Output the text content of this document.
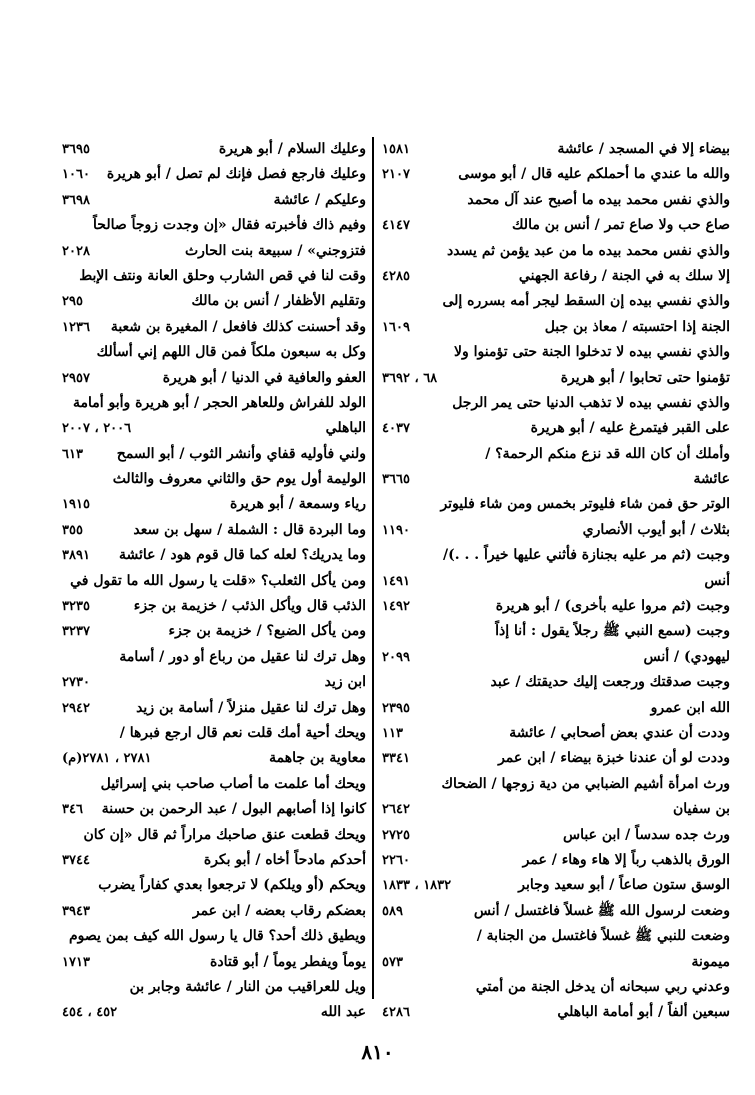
بيضاء إلا في المسجد / عائشة
١٥٨١
والله ما عندي ما أحملكم عليه قال / أبو موسى
٢١٠٧
والذي نفس محمد بيده ما أصبح عند آل محمد
صاع حب ولا صاع تمر / أنس بن مالك
٤١٤٧
والذي نفس محمد بيده ما من عبد يؤمن ثم يسدد
إلا سلك به في الجنة / رفاعة الجهني
٤٢٨٥
والذي نفسي بيده إن السقط ليجر أمه بسرره إلى
الجنة إذا احتسبته / معاذ بن جبل
١٦٠٩
والذي نفسي بيده لا تدخلوا الجنة حتى تؤمنوا ولا
تؤمنوا حتى تحابوا / أبو هريرة
٦٨ ، ٣٦٩٢
والذي نفسي بيده لا تذهب الدنيا حتى يمر الرجل
على القبر فيتمرغ عليه / أبو هريرة
٤٠٣٧
وأملك أن كان الله قد نزع منكم الرحمة؟ /
عائشة
٣٦٦٥
الوتر حق فمن شاء فليوتر بخمس ومن شاء فليوتر
بثلاث / أبو أيوب الأنصاري
١١٩٠
وجبت (ثم مر عليه بجنازة فأثني عليها خيراً . . .)/
أنس
١٤٩١
وجبت (ثم مروا عليه بأخرى) / أبو هريرة
١٤٩٢
وجبت (سمع النبي ﷺ رجلاً يقول : أنا إذاً
ليهودي) / أنس
٢٠٩٩
وجبت صدقتك ورجعت إليك حديقتك / عبد
الله ابن عمرو
٢٣٩٥
وددت أن عندي بعض أصحابي / عائشة
١١٣
وددت لو أن عندنا خبزة بيضاء / ابن عمر
٣٣٤١
ورث امرأة أشيم الضبابي من دية زوجها / الضحاك
بن سفيان
٢٦٤٢
ورث جده سدساً / ابن عباس
٢٧٢٥
الورق بالذهب رباً إلا هاء وهاء / عمر
٢٢٦٠
الوسق ستون صاعاً / أبو سعيد وجابر
١٨٣٢ ، ١٨٣٣
وضعت لرسول الله ﷺ غسلاً فاغتسل / أنس
٥٨٩
وضعت للنبي ﷺ غسلاً فاغتسل من الجنابة /
ميمونة
٥٧٣
وعدني ربي سبحانه أن يدخل الجنة من أمتي
سبعين ألفاً / أبو أمامة الباهلي
٤٢٨٦
وعليك السلام / أبو هريرة
٣٦٩٥
وعليك فارجع فصل فإنك لم تصل / أبو هريرة
١٠٦٠
وعليكم / عائشة
٣٦٩٨
وفيم ذاك فأخبرته فقال «إن وجدت زوجاً صالحاً
فتزوجني» / سبيعة بنت الحارث
٢٠٢٨
وقت لنا في قص الشارب وحلق العانة ونتف الإبط
وتقليم الأظفار / أنس بن مالك
٢٩٥
وقد أحسنت كذلك فافعل / المغيرة بن شعبة
١٢٣٦
وكل به سبعون ملكاً فمن قال اللهم إني أسألك
العفو والعافية في الدنيا / أبو هريرة
٢٩٥٧
الولد للفراش وللعاهر الحجر / أبو هريرة وأبو أمامة
الباهلي
٢٠٠٦ ، ٢٠٠٧
ولني فأوليه قفاي وأنشر الثوب / أبو السمح
٦١٣
الوليمة أول يوم حق والثاني معروف والثالث
رياء وسمعة / أبو هريرة
١٩١٥
وما البردة قال : الشملة / سهل بن سعد
٣٥٥
وما يدريك؟ لعله كما قال قوم هود / عائشة
٣٨٩١
ومن يأكل الثعلب؟ «قلت يا رسول الله ما تقول في
الذئب قال ويأكل الذئب / خزيمة بن جزء
٣٢٣٥
ومن يأكل الضبع؟ / خزيمة بن جزء
٣٢٣٧
وهل ترك لنا عقيل من رباع أو دور / أسامة
ابن زيد
٢٧٣٠
وهل ترك لنا عقيل منزلاً / أسامة بن زيد
٢٩٤٢
ويحك أحية أمك قلت نعم قال ارجع فبرها /
معاوية بن جاهمة
٢٧٨١ ، ٢٧٨١(م)
ويحك أما علمت ما أصاب صاحب بني إسرائيل
كانوا إذا أصابهم البول / عبد الرحمن بن حسنة
٣٤٦
ويحك قطعت عنق صاحبك مراراً ثم قال «إن كان
أحدكم مادحاً أخاه / أبو بكرة
٣٧٤٤
ويحكم (أو ويلكم) لا ترجعوا بعدي كفاراً يضرب
بعضكم رقاب بعضه / ابن عمر
٣٩٤٣
ويطيق ذلك أحد؟ قال يا رسول الله كيف بمن يصوم
يوماً ويفطر يوماً / أبو قتادة
١٧١٣
ويل للعراقيب من النار / عائشة وجابر بن
عبد الله
٤٥٢ ، ٤٥٤
٨١٠
